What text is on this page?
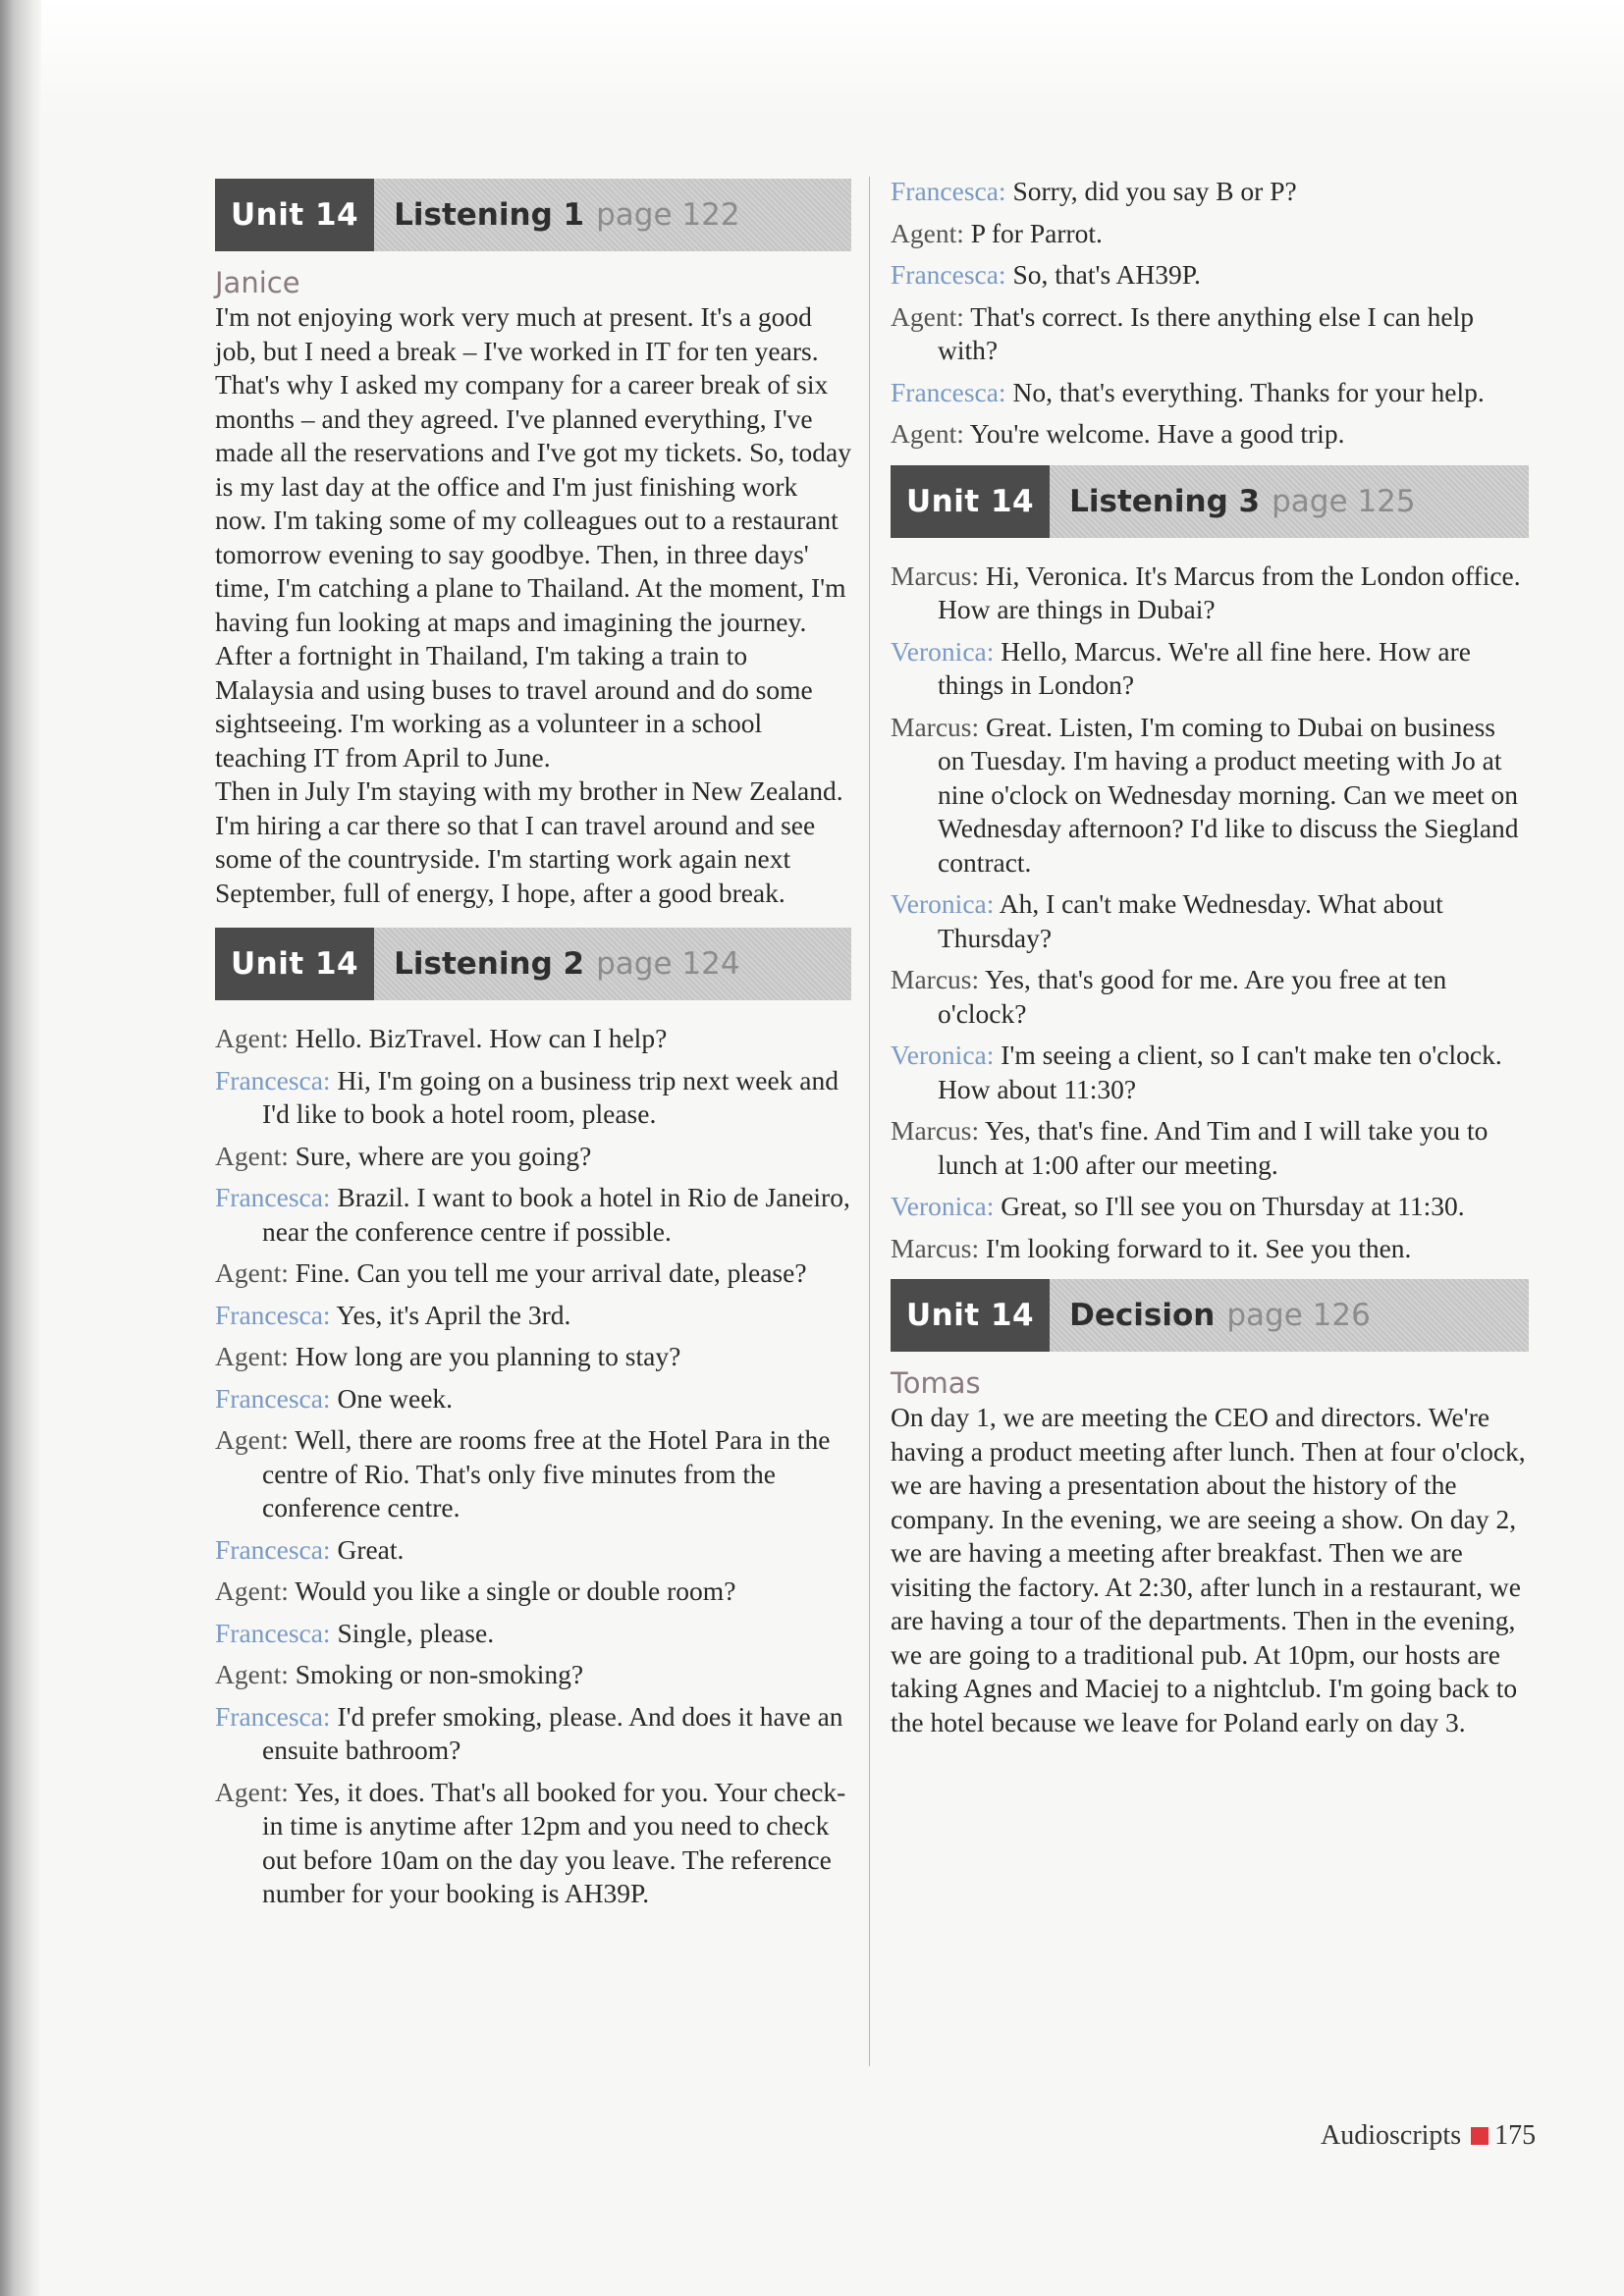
Unit 14	Listening 1 page 122
Janice

I'm not enjoying work very much at present. It's a good job, but I need a break – I've worked in IT for ten years. That's why I asked my company for a career break of six months – and they agreed. I've planned everything, I've made all the reservations and I've got my tickets. So, today is my last day at the office and I'm just finishing work now. I'm taking some of my colleagues out to a restaurant tomorrow evening to say goodbye. Then, in three days' time, I'm catching a plane to Thailand. At the moment, I'm having fun looking at maps and imagining the journey.

After a fortnight in Thailand, I'm taking a train to Malaysia and using buses to travel around and do some sightseeing. I'm working as a volunteer in a school teaching IT from April to June.

Then in July I'm staying with my brother in New Zealand. I'm hiring a car there so that I can travel around and see some of the countryside. I'm starting work again next September, full of energy, I hope, after a good break.

Unit 14	Listening 2 page 124
Agent: Hello. BizTravel. How can I help?
Francesca: Hi, I'm going on a business trip next week and I'd like to book a hotel room, please.
Agent: Sure, where are you going?
Francesca: Brazil. I want to book a hotel in Rio de Janeiro, near the conference centre if possible.
Agent: Fine. Can you tell me your arrival date, please?
Francesca: Yes, it's April the 3rd.
Agent: How long are you planning to stay?
Francesca: One week.
Agent: Well, there are rooms free at the Hotel Para in the centre of Rio. That's only five minutes from the conference centre.
Francesca: Great.
Agent: Would you like a single or double room?
Francesca: Single, please.
Agent: Smoking or non-smoking?
Francesca: I'd prefer smoking, please. And does it have an ensuite bathroom?
Agent: Yes, it does. That's all booked for you. Your check-in time is anytime after 12pm and you need to check out before 10am on the day you leave. The reference number for your booking is AH39P.
Francesca: Sorry, did you say B or P?
Agent: P for Parrot.
Francesca: So, that's AH39P.
Agent: That's correct. Is there anything else I can help with?
Francesca: No, that's everything. Thanks for your help.
Agent: You're welcome. Have a good trip.
Unit 14	Listening 3 page 125
Marcus: Hi, Veronica. It's Marcus from the London office. How are things in Dubai?
Veronica: Hello, Marcus. We're all fine here. How are things in London?
Marcus: Great. Listen, I'm coming to Dubai on business on Tuesday. I'm having a product meeting with Jo at nine o'clock on Wednesday morning. Can we meet on Wednesday afternoon? I'd like to discuss the Siegland contract.
Veronica: Ah, I can't make Wednesday. What about Thursday?
Marcus: Yes, that's good for me. Are you free at ten o'clock?
Veronica: I'm seeing a client, so I can't make ten o'clock. How about 11:30?
Marcus: Yes, that's fine. And Tim and I will take you to lunch at 1:00 after our meeting.
Veronica: Great, so I'll see you on Thursday at 11:30.
Marcus: I'm looking forward to it. See you then.
Unit 14	Decision page 126
Tomas

On day 1, we are meeting the CEO and directors. We're having a product meeting after lunch. Then at four o'clock, we are having a presentation about the history of the company. In the evening, we are seeing a show. On day 2, we are having a meeting after breakfast. Then we are visiting the factory. At 2:30, after lunch in a restaurant, we are having a tour of the departments. Then in the evening, we are going to a traditional pub. At 10pm, our hosts are taking Agnes and Maciej to a nightclub. I'm going back to the hotel because we leave for Poland early on day 3.

Audioscripts 175
